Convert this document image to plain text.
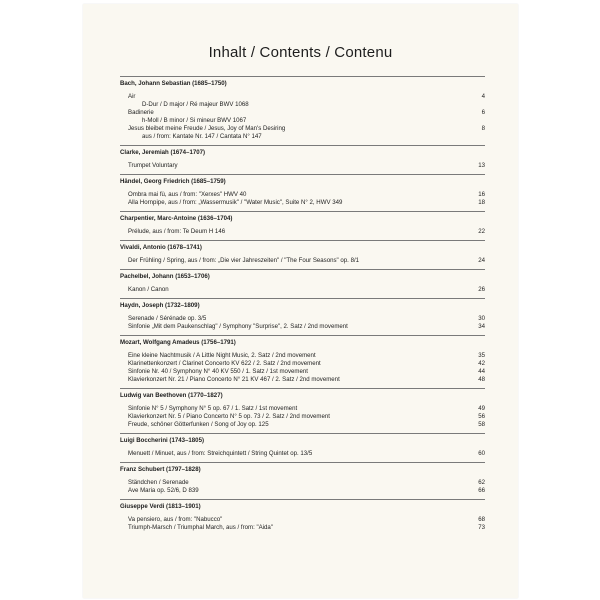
Inhalt / Contents / Contenu
Bach, Johann Sebastian (1685–1750)
Air	4
D-Dur / D major / Ré majeur BWV 1068
Badinerie	6
h-Moll / B minor / Si mineur BWV 1067
Jesus bleibet meine Freude / Jesus, Joy of Man's Desiring	8
aus / from: Kantate Nr. 147 / Cantata N° 147
Clarke, Jeremiah (1674–1707)
Trumpet Voluntary	13
Händel, Georg Friedrich (1685–1759)
Ombra mai fù, aus / from: "Xerxes" HWV 40	16
Alla Hornpipe, aus / from: „Wassermusik" / "Water Music", Suite N° 2, HWV 349	18
Charpentier, Marc-Antoine (1636–1704)
Prélude, aus / from: Te Deum H 146	22
Vivaldi, Antonio (1678–1741)
Der Frühling / Spring, aus / from: „Die vier Jahreszeiten" / "The Four Seasons" op. 8/1	24
Pachelbel, Johann (1653–1706)
Kanon / Canon	26
Haydn, Joseph (1732–1809)
Serenade / Sérénade op. 3/5	30
Sinfonie „Mit dem Paukenschlag" / Symphony "Surprise", 2. Satz / 2nd movement	34
Mozart, Wolfgang Amadeus (1756–1791)
Eine kleine Nachtmusik / A Little Night Music, 2. Satz / 2nd movement	35
Klarinettenkonzert / Clarinet Concerto KV 622 / 2. Satz / 2nd movement	42
Sinfonie Nr. 40 / Symphony N° 40 KV 550 / 1. Satz / 1st movement	44
Klavierkonzert Nr. 21 / Piano Concerto N° 21 KV 467 / 2. Satz / 2nd movement	48
Ludwig van Beethoven (1770–1827)
Sinfonie N° 5 / Symphony N° 5 op. 67 / 1. Satz / 1st movement	49
Klavierkonzert Nr. 5 / Piano Concerto N° 5 op. 73 / 2. Satz / 2nd movement	56
Freude, schöner Götterfunken / Song of Joy op. 125	58
Luigi Boccherini (1743–1805)
Menuett / Minuet, aus / from: Streichquintett / String Quintet op. 13/5	60
Franz Schubert (1797–1828)
Ständchen / Serenade	62
Ave Maria op. 52/6, D 839	66
Giuseppe Verdi (1813–1901)
Va pensiero, aus / from: "Nabucco"	68
Triumph-Marsch / Triumphal March, aus / from: "Aida"	73
